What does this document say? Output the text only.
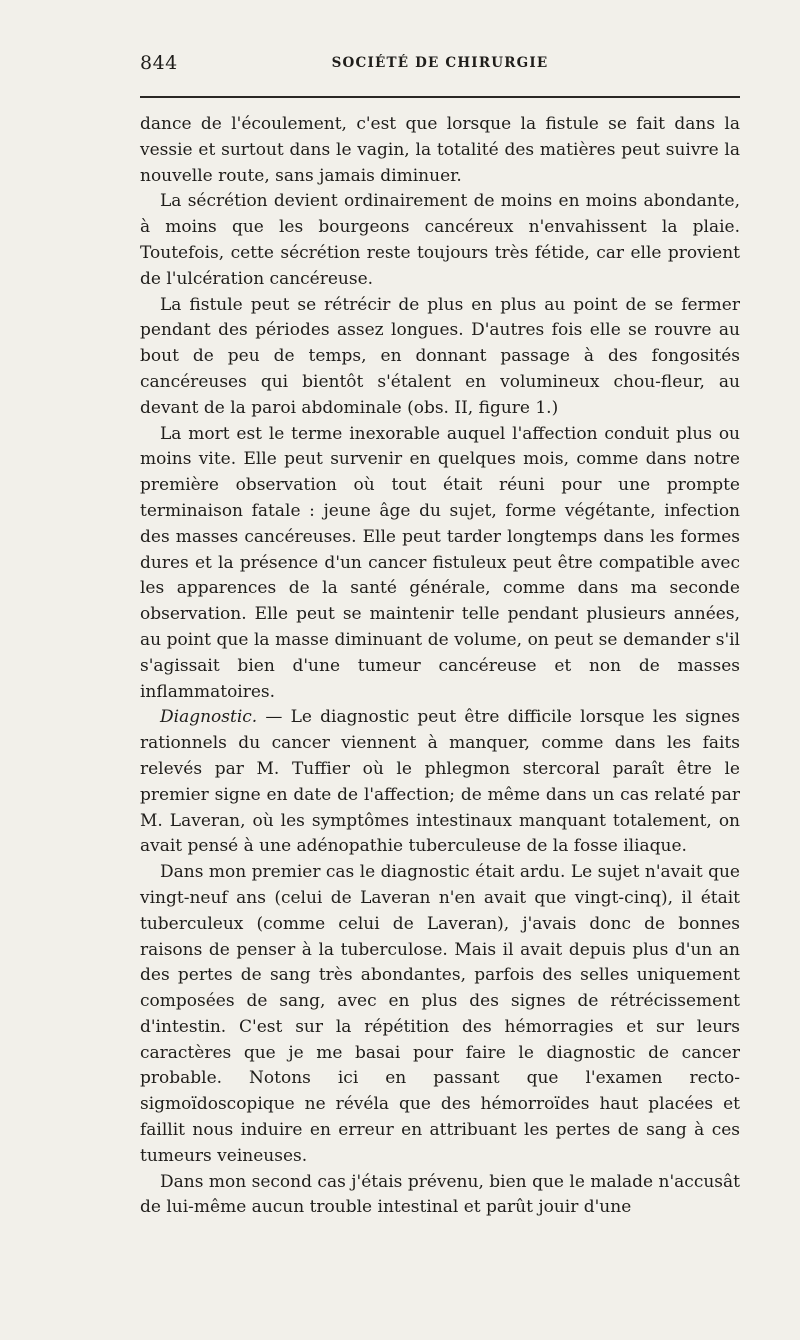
844	SOCIÉTÉ DE CHIRURGIE

dance de l'écoulement, c'est que lorsque la fistule se fait dans la vessie et surtout dans le vagin, la totalité des matières peut suivre la nouvelle route, sans jamais diminuer.

La sécrétion devient ordinairement de moins en moins abondante, à moins que les bourgeons cancéreux n'envahissent la plaie. Toutefois, cette sécrétion reste toujours très fétide, car elle provient de l'ulcération cancéreuse.

La fistule peut se rétrécir de plus en plus au point de se fermer pendant des périodes assez longues. D'autres fois elle se rouvre au bout de peu de temps, en donnant passage à des fongosités cancéreuses qui bientôt s'étalent en volumineux chou-fleur, au devant de la paroi abdominale (obs. II, figure 1.)

La mort est le terme inexorable auquel l'affection conduit plus ou moins vite. Elle peut survenir en quelques mois, comme dans notre première observation où tout était réuni pour une prompte terminaison fatale : jeune âge du sujet, forme végétante, infection des masses cancéreuses. Elle peut tarder longtemps dans les formes dures et la présence d'un cancer fistuleux peut être compatible avec les apparences de la santé générale, comme dans ma seconde observation. Elle peut se maintenir telle pendant plusieurs années, au point que la masse diminuant de volume, on peut se demander s'il s'agissait bien d'une tumeur cancéreuse et non de masses inflammatoires.

Diagnostic. — Le diagnostic peut être difficile lorsque les signes rationnels du cancer viennent à manquer, comme dans les faits relevés par M. Tuffier où le phlegmon stercoral paraît être le premier signe en date de l'affection; de même dans un cas relaté par M. Laveran, où les symptômes intestinaux manquant totalement, on avait pensé à une adénopathie tuberculeuse de la fosse iliaque.

Dans mon premier cas le diagnostic était ardu. Le sujet n'avait que vingt-neuf ans (celui de Laveran n'en avait que vingt-cinq), il était tuberculeux (comme celui de Laveran), j'avais donc de bonnes raisons de penser à la tuberculose. Mais il avait depuis plus d'un an des pertes de sang très abondantes, parfois des selles uniquement composées de sang, avec en plus des signes de rétrécissement d'intestin. C'est sur la répétition des hémorragies et sur leurs caractères que je me basai pour faire le diagnostic de cancer probable. Notons ici en passant que l'examen recto-sigmoïdoscopique ne révéla que des hémorroïdes haut placées et faillit nous induire en erreur en attribuant les pertes de sang à ces tumeurs veineuses.

Dans mon second cas j'étais prévenu, bien que le malade n'accusât de lui-même aucun trouble intestinal et parût jouir d'une
